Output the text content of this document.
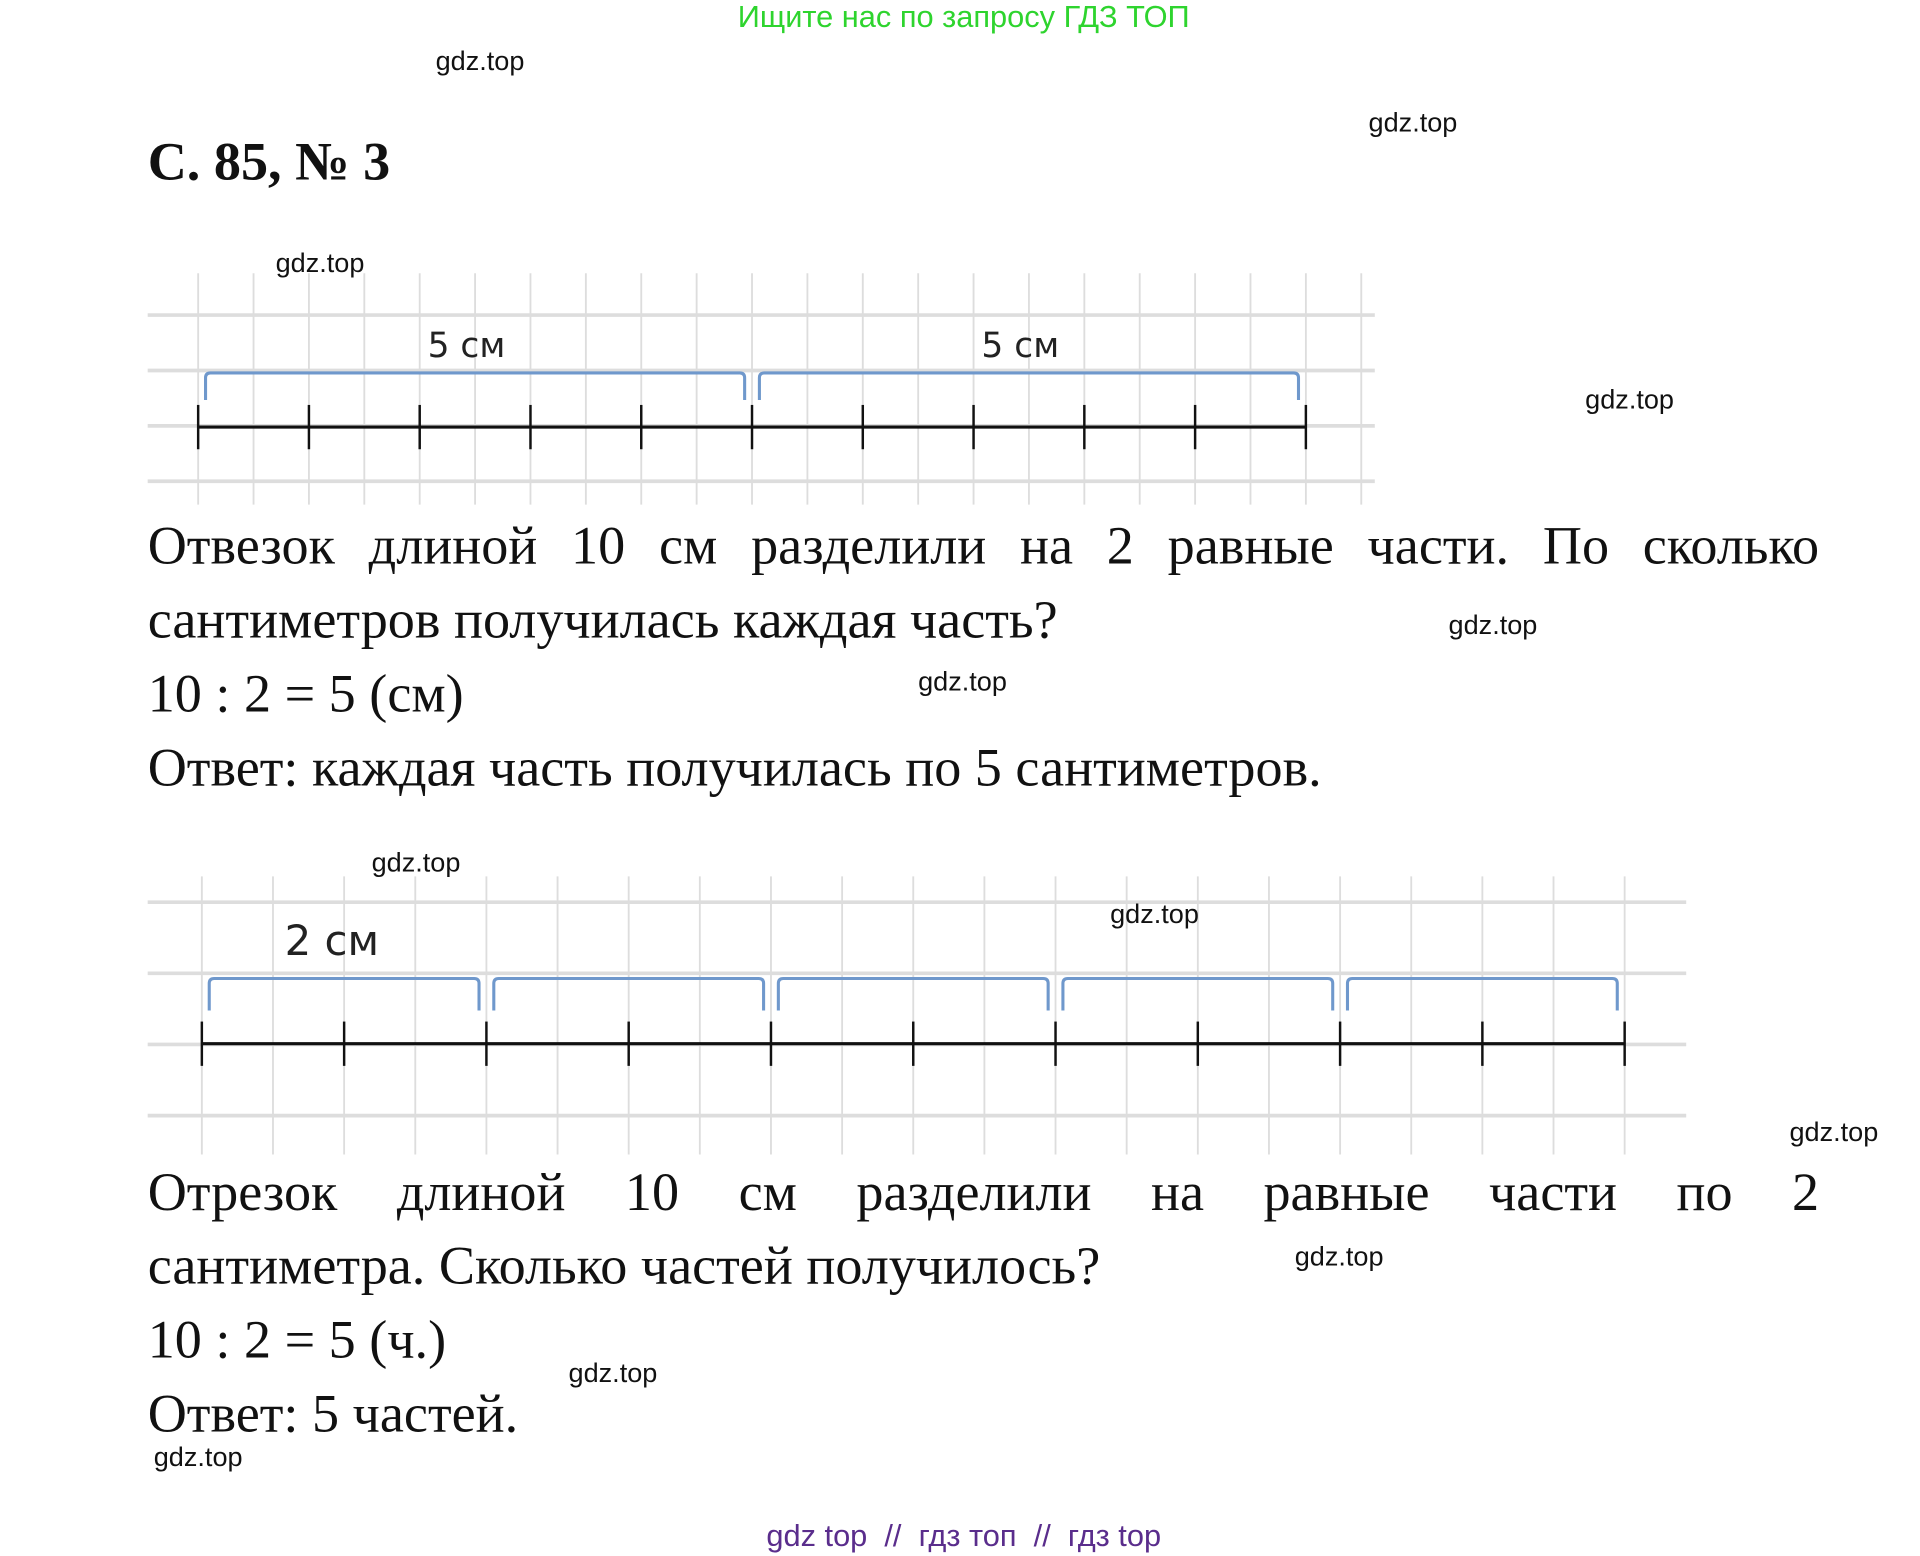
Ищите нас по запросу ГДЗ ТОП
С. 85, № 3
5 см	5 см
2 см
Отвезок длиной 10 см разделили на 2 равные части. По сколько
сантиметров получилась каждая часть?
10 : 2 = 5 (см)
Ответ: каждая часть получилась по 5 сантиметров.
Отрезок длиной 10 см разделили на равные части по 2
сантиметра. Сколько частей получилось?
10 : 2 = 5 (ч.)
Ответ: 5 частей.
gdz.top
gdz.top
gdz.top
gdz.top
gdz.top
gdz.top
gdz.top
gdz.top
gdz.top
gdz.top
gdz.top
gdz.top
gdz top  //  гдз топ  //  гдз top
